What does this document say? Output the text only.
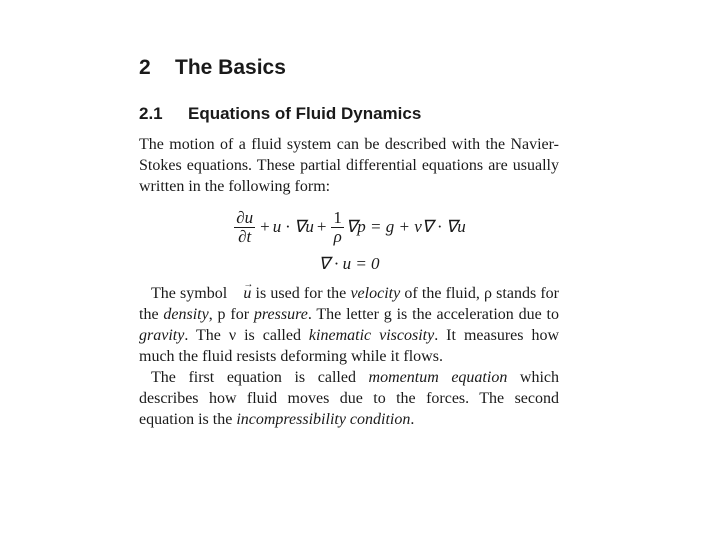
2 The Basics
2.1 Equations of Fluid Dynamics

The motion of a fluid system can be described with the Navier-Stokes equations. These partial differential equations are usually written in the following form:

$\frac{\partial u}{\partial t} + u \cdot \nabla u + \frac{1}{\rho} \nabla p = g + \nu\nabla \cdot \nabla u$
∇ · u = 0

The symbol → u is used for the velocity of the fluid, ρ stands for the density, p for pressure. The letter g is the acceleration due to gravity. The ν is called kinematic viscosity. It measures how much the fluid resists deforming while it flows.

The first equation is called momentum equation which describes how fluid moves due to the forces. The second equation is the incompressibility condition.
